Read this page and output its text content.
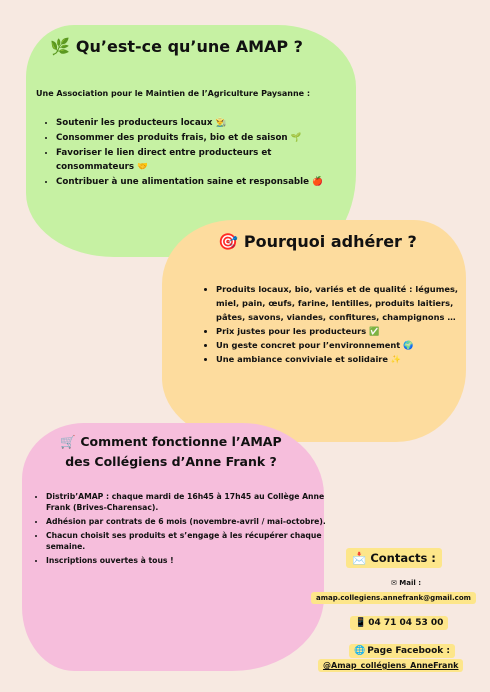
🌿 Qu’est-ce qu’une AMAP ?
Une Association pour le Maintien de l’Agriculture Paysanne :
• Soutenir les producteurs locaux 👨‍🌾
• Consommer des produits frais, bio et de saison 🌱
• Favoriser le lien direct entre producteurs et consommateurs 🤝
• Contribuer à une alimentation saine et responsable 🍎
🎯 Pourquoi adhérer ?
• Produits locaux, bio, variés et de qualité : légumes, miel, pain, œufs, farine, lentilles, produits laitiers, pâtes, savons, viandes, confitures, champignons …
• Prix justes pour les producteurs ✅
• Un geste concret pour l’environnement 🌍
• Une ambiance conviviale et solidaire ✨
🛒 Comment fonctionne l’AMAP
des Collégiens d’Anne Frank ?
• Distrib’AMAP : chaque mardi de 16h45 à 17h45 au Collège Anne Frank (Brives-Charensac).
• Adhésion par contrats de 6 mois (novembre-avril / mai-octobre).
• Chacun choisit ses produits et s’engage à les récupérer chaque semaine.
• Inscriptions ouvertes à tous !	📩 Contacts :
✉ Mail :
amap.collegiens.annefrank@gmail.com
📱 04 71 04 53 00
🌐 Page Facebook :
@Amap_collégiens_AnneFrank
